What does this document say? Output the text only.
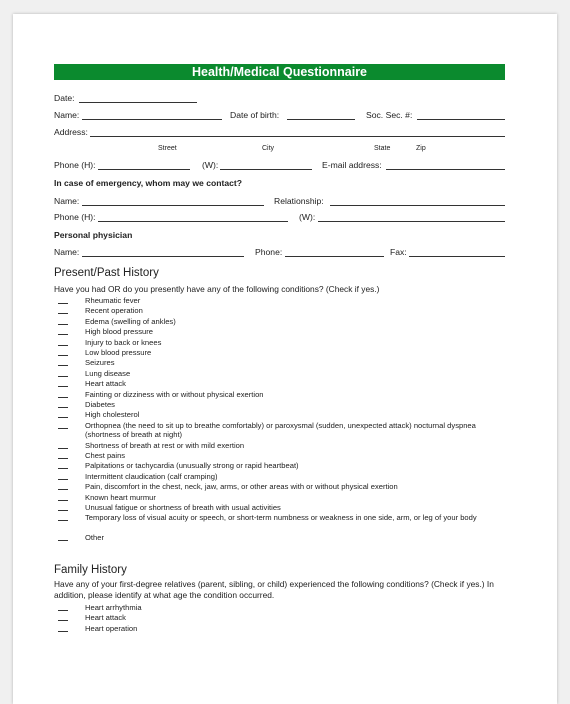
Health/Medical Questionnaire
Date:
Name:	Date of birth:	Soc. Sec. #:
Address:
Street	City	State	Zip
Phone (H):	(W):	E-mail address:
In case of emergency, whom may we contact?
Name:	Relationship:
Phone (H):	(W):
Personal physician
Name:	Phone:	Fax:
Present/Past History
Have you had OR do you presently have any of the following conditions? (Check if yes.)
Rheumatic fever
Recent operation
Edema (swelling of ankles)
High blood pressure
Injury to back or knees
Low blood pressure
Seizures
Lung disease
Heart attack
Fainting or dizziness with or without physical exertion
Diabetes
High cholesterol
Orthopnea (the need to sit up to breathe comfortably) or paroxysmal (sudden, unexpected attack) nocturnal dyspnea (shortness of breath at night)
Shortness of breath at rest or with mild exertion
Chest pains
Palpitations or tachycardia (unusually strong or rapid heartbeat)
Intermittent claudication (calf cramping)
Pain, discomfort in the chest, neck, jaw, arms, or other areas with or without physical exertion
Known heart murmur
Unusual fatigue or shortness of breath with usual activities
Temporary loss of visual acuity or speech, or short-term numbness or weakness in one side, arm, or leg of your body
Other
Family History
Have any of your first-degree relatives (parent, sibling, or child) experienced the following conditions? (Check if yes.) In addition, please identify at what age the condition occurred.
Heart arrhythmia
Heart attack
Heart operation
